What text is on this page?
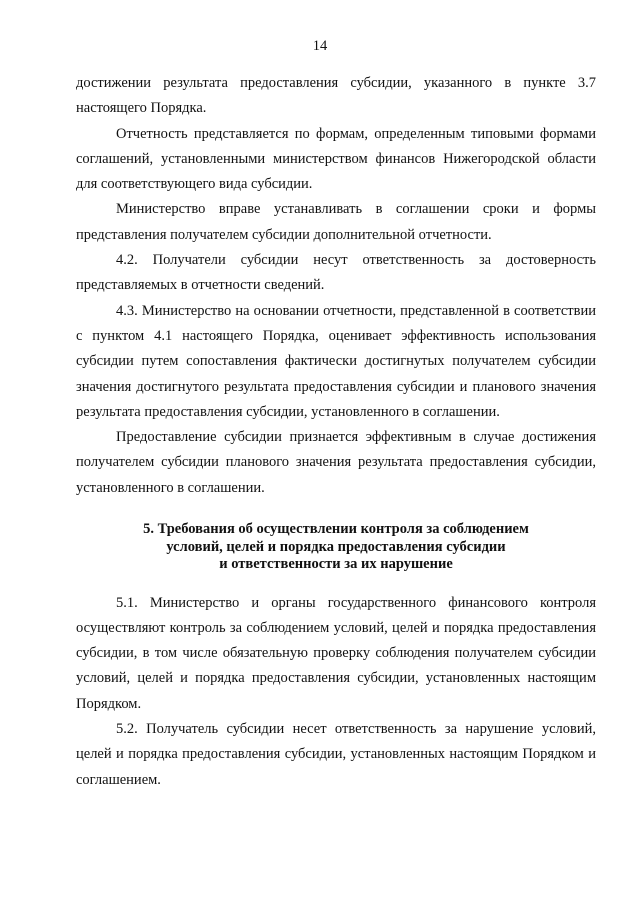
14

достижении результата предоставления субсидии, указанного в пункте 3.7 настоящего Порядка.

Отчетность представляется по формам, определенным типовыми формами соглашений, установленными министерством финансов Нижегородской области для соответствующего вида субсидии.

Министерство вправе устанавливать в соглашении сроки и формы представления получателем субсидии дополнительной отчетности.

4.2. Получатели субсидии несут ответственность за достоверность представляемых в отчетности сведений.

4.3. Министерство на основании отчетности, представленной в соответствии с пунктом 4.1 настоящего Порядка, оценивает эффективность использования субсидии путем сопоставления фактически достигнутых получателем субсидии значения достигнутого результата предоставления субсидии и планового значения результата предоставления субсидии, установленного в соглашении.

Предоставление субсидии признается эффективным в случае достижения получателем субсидии планового значения результата предоставления субсидии, установленного в соглашении.

5. Требования об осуществлении контроля за соблюдением
условий, целей и порядка предоставления субсидии
и ответственности за их нарушение

5.1. Министерство и органы государственного финансового контроля осуществляют контроль за соблюдением условий, целей и порядка предоставления субсидии, в том числе обязательную проверку соблюдения получателем субсидии условий, целей и порядка предоставления субсидии, установленных настоящим Порядком.

5.2. Получатель субсидии несет ответственность за нарушение условий, целей и порядка предоставления субсидии, установленных настоящим Порядком и соглашением.
